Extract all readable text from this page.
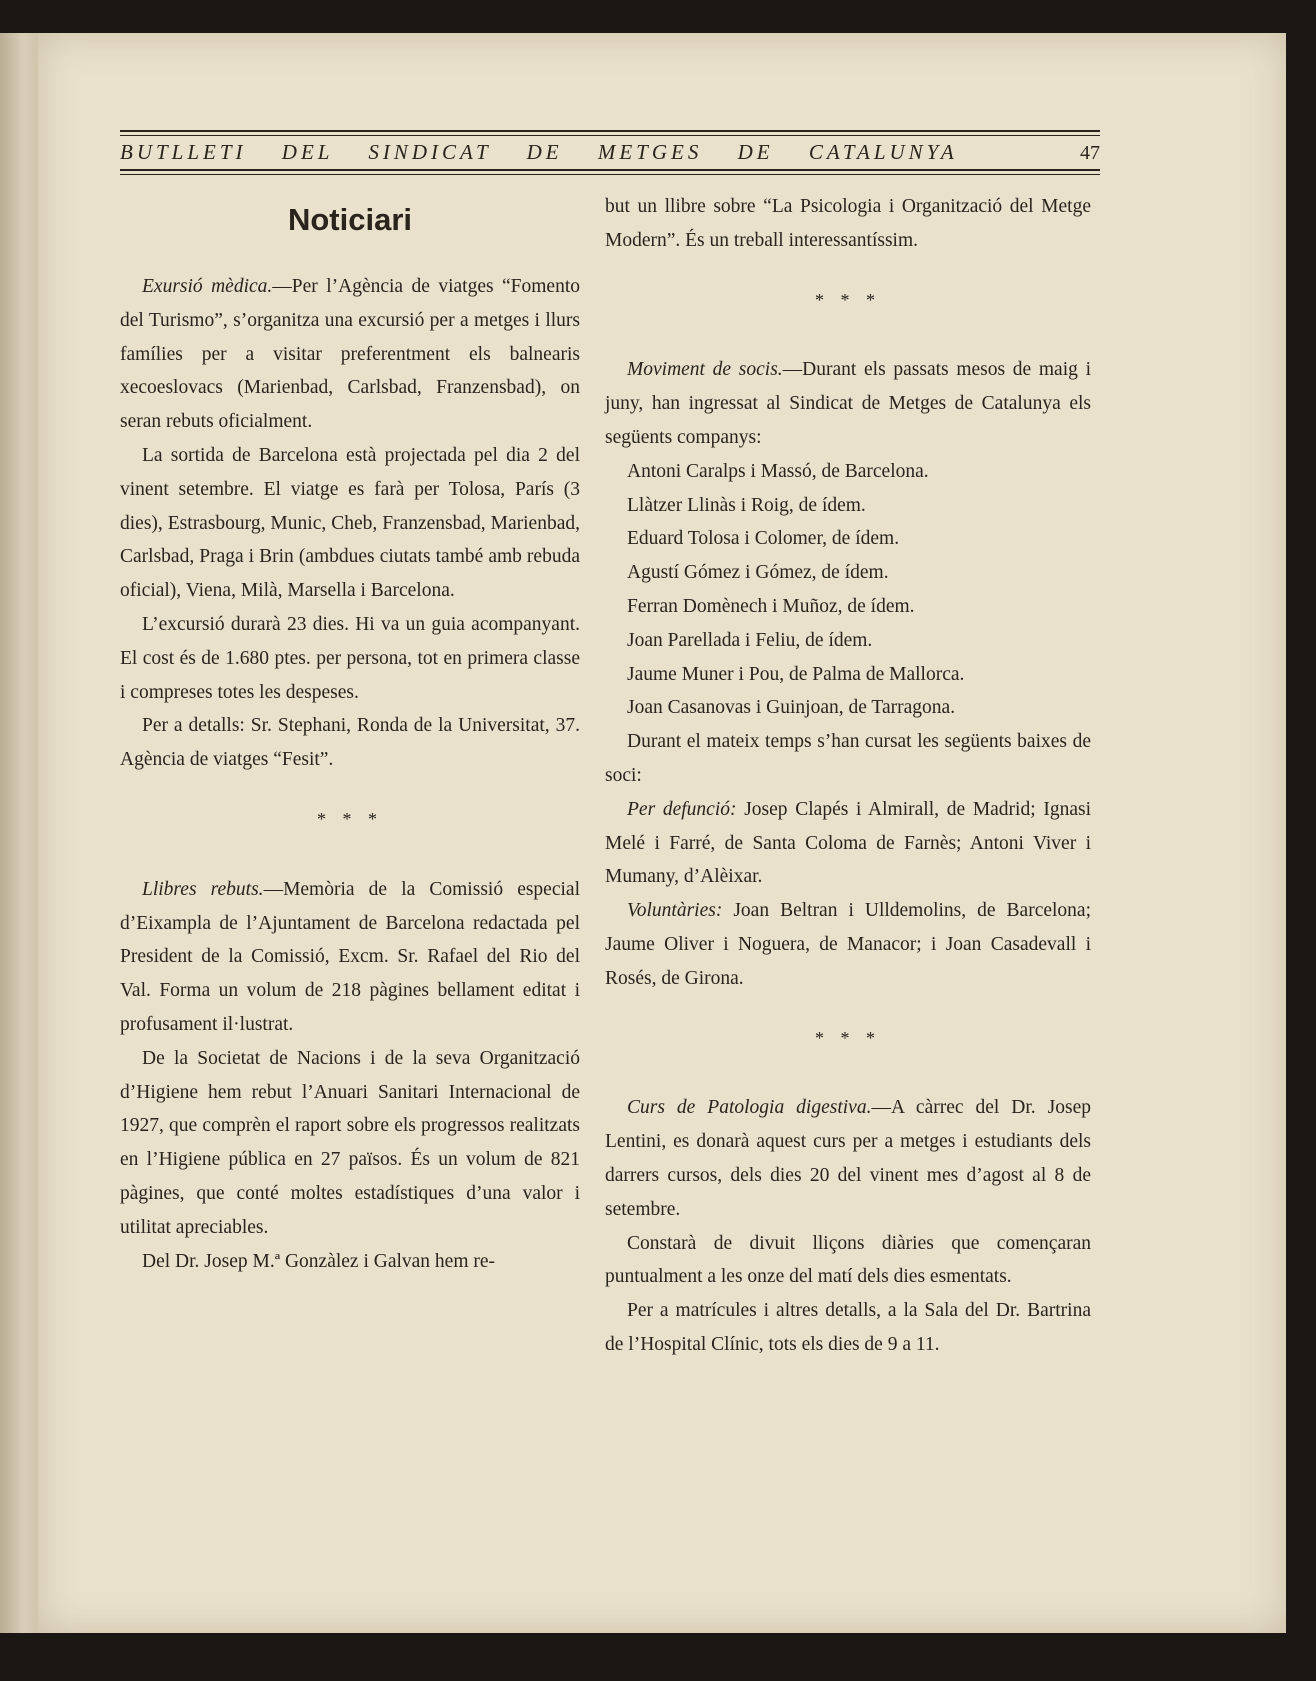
BUTLLETI DEL SINDICAT DE METGES DE CATALUNYA	47
Noticiari

Exursió mèdica.—Per l’Agència de viatges “Fomento del Turismo”, s’organitza una excursió per a metges i llurs famílies per a visitar preferentment els balnearis xecoeslovacs (Marienbad, Carlsbad, Franzensbad), on seran rebuts oficialment.

La sortida de Barcelona està projectada pel dia 2 del vinent setembre. El viatge es farà per Tolosa, París (3 dies), Estrasbourg, Munic, Cheb, Franzensbad, Marienbad, Carlsbad, Praga i Brin (ambdues ciutats també amb rebuda oficial), Viena, Milà, Marsella i Barcelona.

L’excursió durarà 23 dies. Hi va un guia acompanyant. El cost és de 1.680 ptes. per persona, tot en primera classe i compreses totes les despeses.

Per a detalls: Sr. Stephani, Ronda de la Universitat, 37. Agència de viatges “Fesit”.

* * *

Llibres rebuts.—Memòria de la Comissió especial d’Eixampla de l’Ajuntament de Barcelona redactada pel President de la Comissió, Excm. Sr. Rafael del Rio del Val. Forma un volum de 218 pàgines bellament editat i profusament il·lustrat.

De la Societat de Nacions i de la seva Organització d’Higiene hem rebut l’Anuari Sanitari Internacional de 1927, que comprèn el raport sobre els progressos realitzats en l’Higiene pública en 27 països. És un volum de 821 pàgines, que conté moltes estadístiques d’una valor i utilitat apreciables.

Del Dr. Josep M.ª Gonzàlez i Galvan hem re-

but un llibre sobre “La Psicologia i Organització del Metge Modern”. És un treball interessantíssim.

* * *

Moviment de socis.—Durant els passats mesos de maig i juny, han ingressat al Sindicat de Metges de Catalunya els següents companys:

Antoni Caralps i Massó, de Barcelona.

Llàtzer Llinàs i Roig, de ídem.

Eduard Tolosa i Colomer, de ídem.

Agustí Gómez i Gómez, de ídem.

Ferran Domènech i Muñoz, de ídem.

Joan Parellada i Feliu, de ídem.

Jaume Muner i Pou, de Palma de Mallorca.

Joan Casanovas i Guinjoan, de Tarragona.

Durant el mateix temps s’han cursat les següents baixes de soci:

Per defunció: Josep Clapés i Almirall, de Madrid; Ignasi Melé i Farré, de Santa Coloma de Farnès; Antoni Viver i Mumany, d’Alèixar.

Voluntàries: Joan Beltran i Ulldemolins, de Barcelona; Jaume Oliver i Noguera, de Manacor; i Joan Casadevall i Rosés, de Girona.

* * *

Curs de Patologia digestiva.—A càrrec del Dr. Josep Lentini, es donarà aquest curs per a metges i estudiants dels darrers cursos, dels dies 20 del vinent mes d’agost al 8 de setembre.

Constarà de divuit lliçons diàries que començaran puntualment a les onze del matí dels dies esmentats.

Per a matrícules i altres detalls, a la Sala del Dr. Bartrina de l’Hospital Clínic, tots els dies de 9 a 11.
